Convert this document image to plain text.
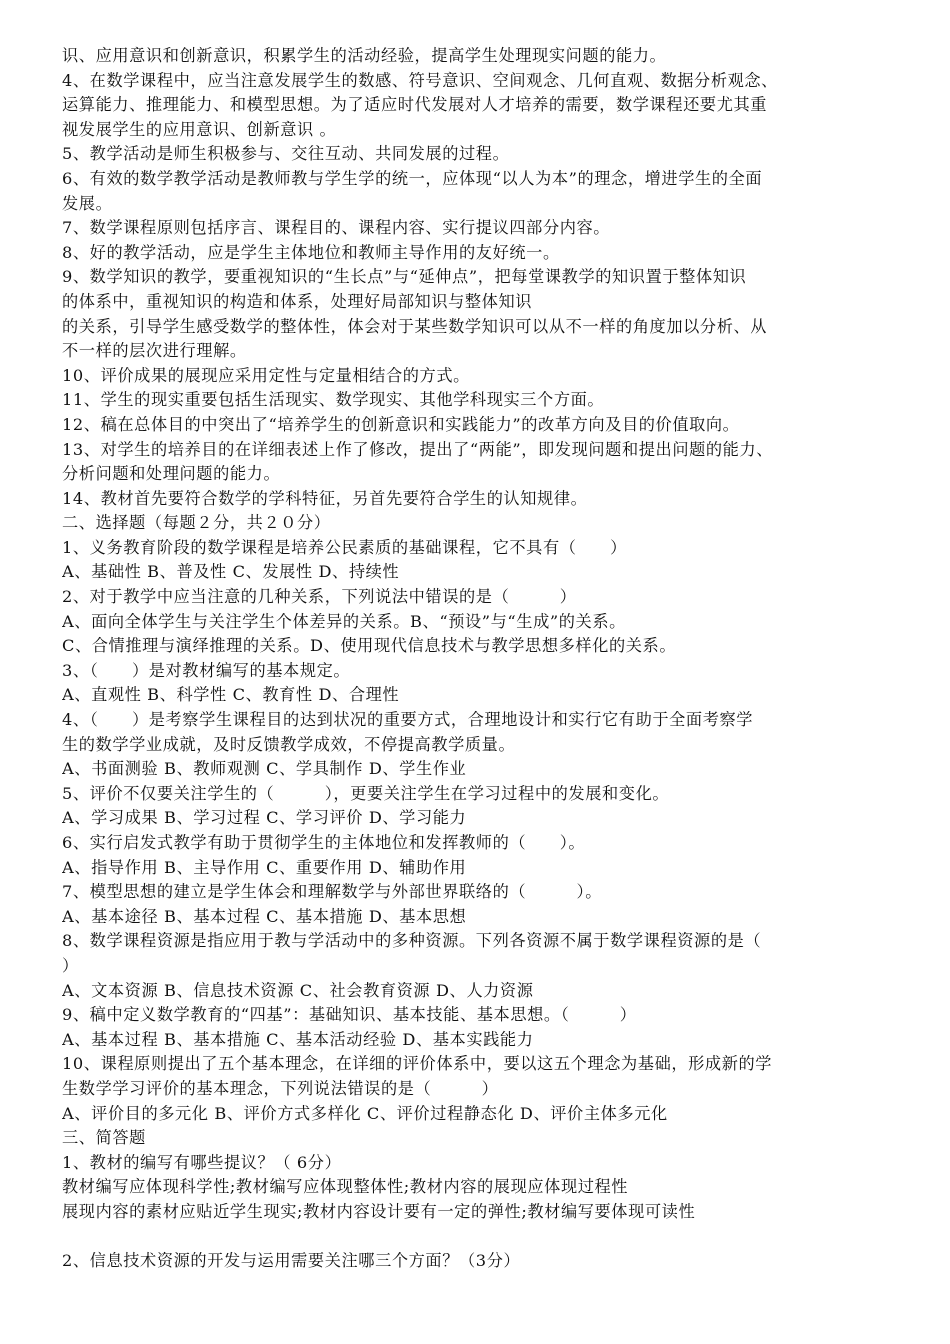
识、应用意识和创新意识，积累学生的活动经验，提高学生处理现实问题的能力。
4、在数学课程中，应当注意发展学生的数感、符号意识、空间观念、几何直观、数据分析观念、
运算能力、推理能力、和模型思想。为了适应时代发展对人才培养的需要，数学课程还要尤其重
视发展学生的应用意识、创新意识 。
5、教学活动是师生积极参与、交往互动、共同发展的过程。
6、有效的数学教学活动是教师教与学生学的统一，应体现“以人为本”的理念，增进学生的全面
发展。
7、数学课程原则包括序言、课程目的、课程内容、实行提议四部分内容。
8、好的教学活动，应是学生主体地位和教师主导作用的友好统一。
9、数学知识的教学，要重视知识的“生长点”与“延伸点”，把每堂课教学的知识置于整体知识
的体系中，重视知识的构造和体系，处理好局部知识与整体知识
的关系，引导学生感受数学的整体性，体会对于某些数学知识可以从不一样的角度加以分析、从
不一样的层次进行理解。
10、评价成果的展现应采用定性与定量相结合的方式。
11、学生的现实重要包括生活现实、数学现实、其他学科现实三个方面。
12、稿在总体目的中突出了“培养学生的创新意识和实践能力”的改革方向及目的价值取向。
13、对学生的培养目的在详细表述上作了修改，提出了“两能”，即发现问题和提出问题的能力、
分析问题和处理问题的能力。
14、教材首先要符合数学的学科特征，另首先要符合学生的认知规律。
二、选择题（每题２分，共２０分）
1、义务教育阶段的数学课程是培养公民素质的基础课程，它不具有（　　）
A、基础性 B、普及性 C、发展性 D、持续性
2、对于教学中应当注意的几种关系，下列说法中错误的是（　　　）
A、面向全体学生与关注学生个体差异的关系。B、“预设”与“生成”的关系。
C、合情推理与演绎推理的关系。D、使用现代信息技术与教学思想多样化的关系。
3、（　　）是对教材编写的基本规定。
A、直观性 B、科学性 C、教育性 D、合理性
4、（　　）是考察学生课程目的达到状况的重要方式，合理地设计和实行它有助于全面考察学
生的数学学业成就，及时反馈教学成效，不停提高教学质量。
A、书面测验 B、教师观测 C、学具制作 D、学生作业
5、评价不仅要关注学生的（　　　），更要关注学生在学习过程中的发展和变化。
A、学习成果 B、学习过程 C、学习评价 D、学习能力
6、实行启发式教学有助于贯彻学生的主体地位和发挥教师的（　　）。
A、指导作用 B、主导作用 C、重要作用 D、辅助作用
7、模型思想的建立是学生体会和理解数学与外部世界联络的（　　　）。
A、基本途径 B、基本过程 C、基本措施 D、基本思想
8、数学课程资源是指应用于教与学活动中的多种资源。下列各资源不属于数学课程资源的是（
）
A、文本资源 B、信息技术资源 C、社会教育资源 D、人力资源
9、稿中定义数学教育的“四基”：基础知识、基本技能、基本思想。（　　　）
A、基本过程 B、基本措施 C、基本活动经验 D、基本实践能力
10、课程原则提出了五个基本理念，在详细的评价体系中，要以这五个理念为基础，形成新的学
生数学学习评价的基本理念，下列说法错误的是（　　　）
A、评价目的多元化 B、评价方式多样化 C、评价过程静态化 D、评价主体多元化
三、简答题
1、教材的编写有哪些提议？（ 6分）
教材编写应体现科学性;教材编写应体现整体性;教材内容的展现应体现过程性
展现内容的素材应贴近学生现实;教材内容设计要有一定的弹性;教材编写要体现可读性
2、信息技术资源的开发与运用需要关注哪三个方面？（3分）
